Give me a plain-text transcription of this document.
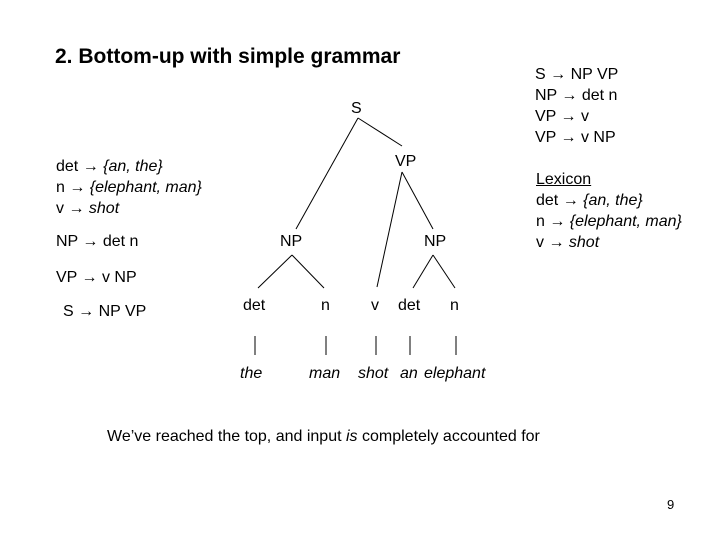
2. Bottom-up with simple grammar
S → NP VP
NP → det n
VP → v
VP → v NP
Lexicon
det → {an, the}
n → {elephant, man}
v → shot
det → {an, the}
n → {elephant, man}
v → shot
NP → det n
VP → v NP
S → NP VP
S
VP
NP	NP
det	n	v det n
the	man shot an elephant
We’ve reached the top, and input is completely accounted for
9
